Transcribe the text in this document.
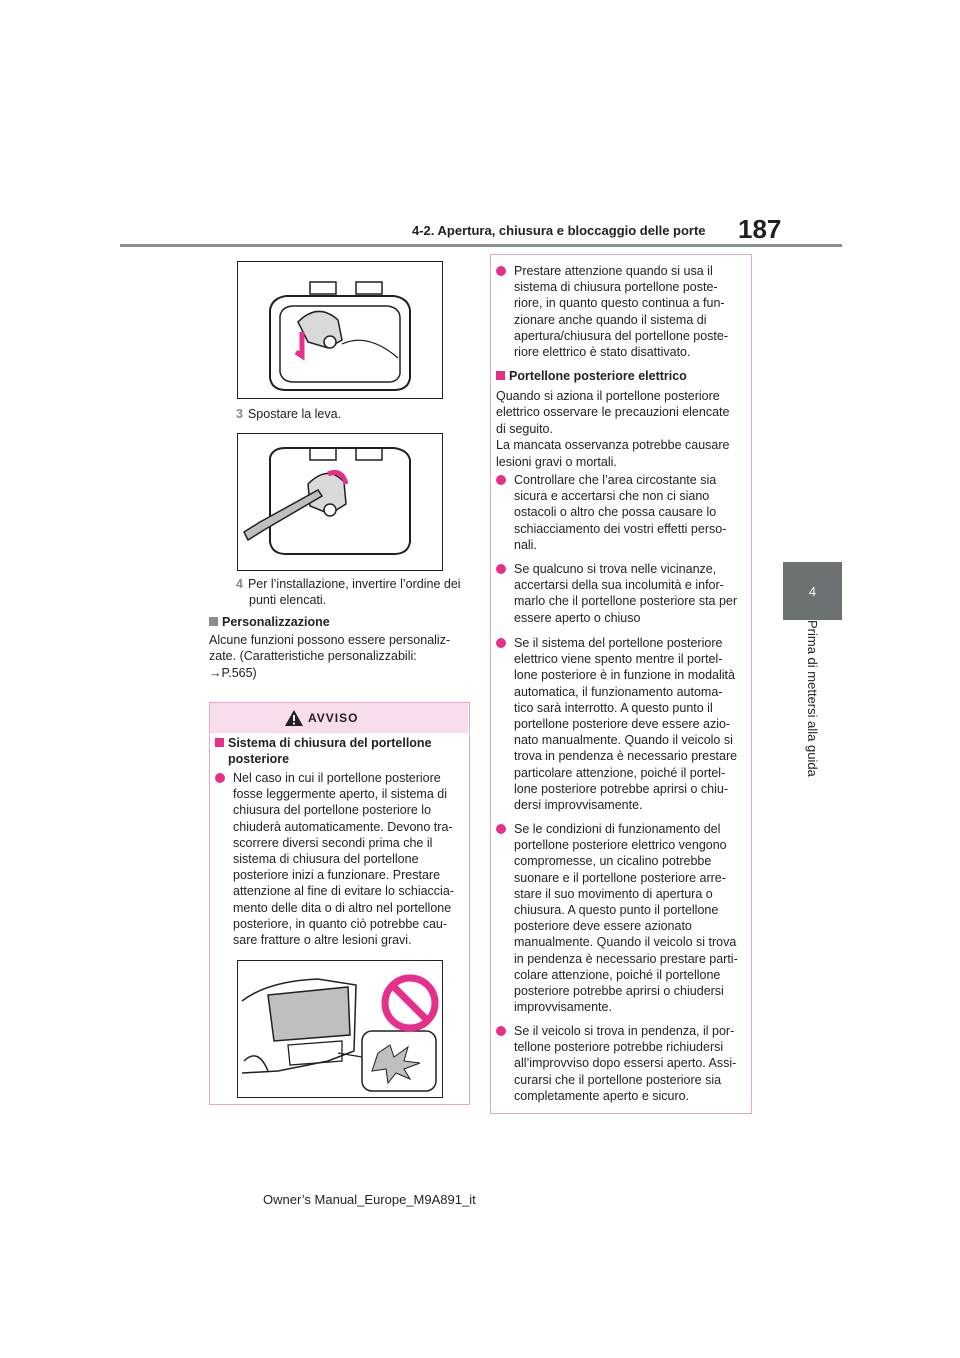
4-2. Apertura, chiusura e bloccaggio delle porte 187
4
Prima di mettersi alla guida
3 Spostare la leva.
4 Per l’installazione, invertire l’ordine dei
punti elencati.
Personalizzazione
Alcune funzioni possono essere personaliz-
zate. (Caratteristiche personalizzabili:
→P.565)
AVVISO
Sistema di chiusura del portellone
posteriore
Nel caso in cui il portellone posteriore
fosse leggermente aperto, il sistema di
chiusura del portellone posteriore lo
chiuderà automaticamente. Devono tra-
scorrere diversi secondi prima che il
sistema di chiusura del portellone
posteriore inizi a funzionare. Prestare
attenzione al fine di evitare lo schiaccia-
mento delle dita o di altro nel portellone
posteriore, in quanto ciò potrebbe cau-
sare fratture o altre lesioni gravi.
Prestare attenzione quando si usa il
sistema di chiusura portellone poste-
riore, in quanto questo continua a fun-
zionare anche quando il sistema di
apertura/chiusura del portellone poste-
riore elettrico è stato disattivato.
Portellone posteriore elettrico
Quando si aziona il portellone posteriore
elettrico osservare le precauzioni elencate
di seguito.
La mancata osservanza potrebbe causare
lesioni gravi o mortali.
Controllare che l’area circostante sia
sicura e accertarsi che non ci siano
ostacoli o altro che possa causare lo
schiacciamento dei vostri effetti perso-
nali.
Se qualcuno si trova nelle vicinanze,
accertarsi della sua incolumità e infor-
marlo che il portellone posteriore sta per
essere aperto o chiuso
Se il sistema del portellone posteriore
elettrico viene spento mentre il portel-
lone posteriore è in funzione in modalità
automatica, il funzionamento automa-
tico sarà interrotto. A questo punto il
portellone posteriore deve essere azio-
nato manualmente. Quando il veicolo si
trova in pendenza è necessario prestare
particolare attenzione, poiché il portel-
lone posteriore potrebbe aprirsi o chiu-
dersi improvvisamente.
Se le condizioni di funzionamento del
portellone posteriore elettrico vengono
compromesse, un cicalino potrebbe
suonare e il portellone posteriore arre-
stare il suo movimento di apertura o
chiusura. A questo punto il portellone
posteriore deve essere azionato
manualmente. Quando il veicolo si trova
in pendenza è necessario prestare parti-
colare attenzione, poiché il portellone
posteriore potrebbe aprirsi o chiudersi
improvvisamente.
Se il veicolo si trova in pendenza, il por-
tellone posteriore potrebbe richiudersi
all’improvviso dopo essersi aperto. Assi-
curarsi che il portellone posteriore sia
completamente aperto e sicuro.
Owner’s Manual_Europe_M9A891_it
